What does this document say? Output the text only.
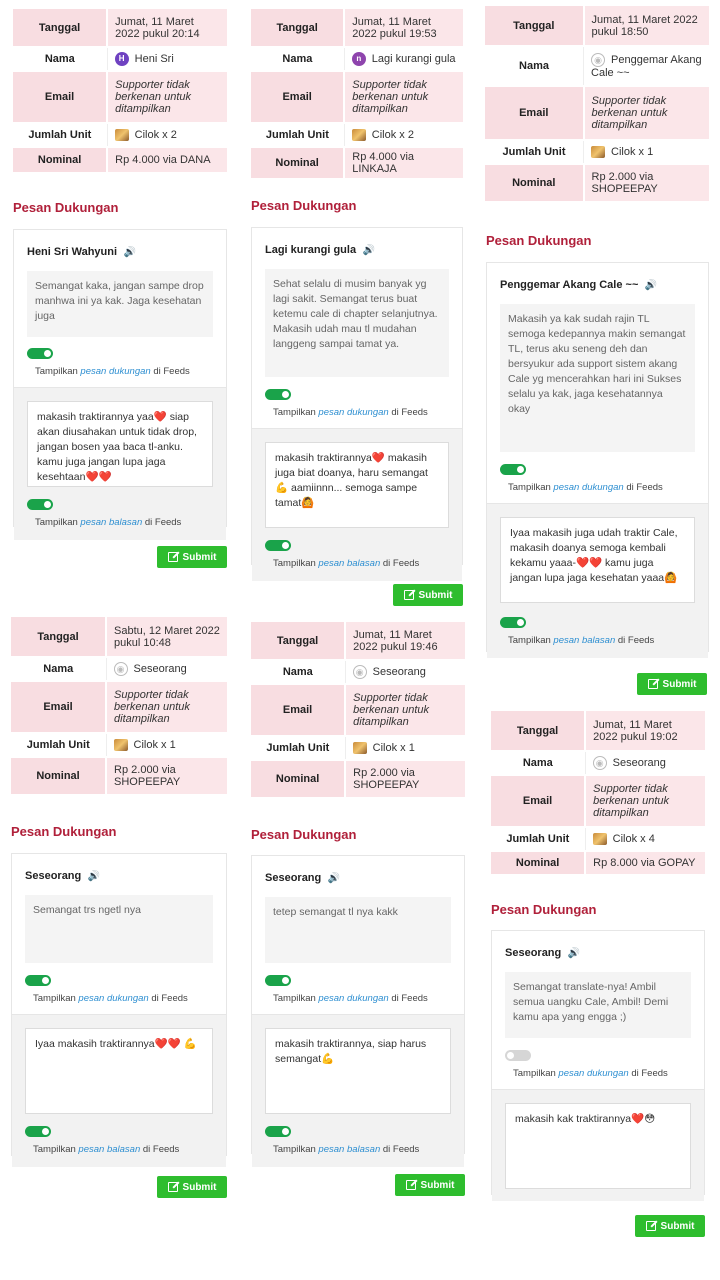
Tanggal	Jumat, 11 Maret 2022 pukul 20:14
Nama	H Heni Sri
Email	Supporter tidak berkenan untuk ditampilkan
Jumlah Unit	Cilok x 2
Nominal	Rp 4.000 via DANA
Pesan Dukungan
Heni Sri Wahyuni 🔊
Semangat kaka, jangan sampe drop manhwa ini ya kak. Jaga kesehatan juga
Tampilkan pesan dukungan di Feeds
makasih traktirannya yaa❤️ siap akan diusahakan untuk tidak drop, jangan bosen yaa baca tl-anku. kamu juga jangan lupa jaga kesehtaan❤️❤️
Tampilkan pesan balasan di Feeds
Submit
Tanggal	Jumat, 11 Maret 2022 pukul 19:53
Nama	n Lagi kurangi gula
Email	Supporter tidak berkenan untuk ditampilkan
Jumlah Unit	Cilok x 2
Nominal	Rp 4.000 via LINKAJA
Pesan Dukungan
Lagi kurangi gula 🔊
Sehat selalu di musim banyak yg lagi sakit. Semangat terus buat ketemu cale di chapter selanjutnya. Makasih udah mau tl mudahan langgeng sampai tamat ya.
Tampilkan pesan dukungan di Feeds
makasih traktirannya❤️ makasih juga biat doanya, haru semangat💪 aamiinnn... semoga sampe tamat🙆
Tampilkan pesan balasan di Feeds
Submit
Tanggal	Jumat, 11 Maret 2022 pukul 18:50
Nama	◉ Penggemar Akang Cale ~~
Email	Supporter tidak berkenan untuk ditampilkan
Jumlah Unit	Cilok x 1
Nominal	Rp 2.000 via SHOPEEPAY
Pesan Dukungan
Penggemar Akang Cale ~~ 🔊
Makasih ya kak sudah rajin TL semoga kedepannya makin semangat TL, terus aku seneng deh dan bersyukur ada support sistem akang Cale yg mencerahkan hari ini Sukses selalu ya kak, jaga kesehatannya okay
Tampilkan pesan dukungan di Feeds
Iyaa makasih juga udah traktir Cale, makasih doanya semoga kembali kekamu yaaa-❤️❤️ kamu juga jangan lupa jaga kesehatan yaaa🙆
Tampilkan pesan balasan di Feeds
Submit
Tanggal	Sabtu, 12 Maret 2022 pukul 10:48
Nama	◉ Seseorang
Email	Supporter tidak berkenan untuk ditampilkan
Jumlah Unit	Cilok x 1
Nominal	Rp 2.000 via SHOPEEPAY
Pesan Dukungan
Seseorang 🔊
Semangat trs ngetl nya
Tampilkan pesan dukungan di Feeds
Iyaa makasih traktirannya❤️❤️ 💪
Tampilkan pesan balasan di Feeds
Submit
Tanggal	Jumat, 11 Maret 2022 pukul 19:46
Nama	◉ Seseorang
Email	Supporter tidak berkenan untuk ditampilkan
Jumlah Unit	Cilok x 1
Nominal	Rp 2.000 via SHOPEEPAY
Pesan Dukungan
Seseorang 🔊
tetep semangat tl nya kakk
Tampilkan pesan dukungan di Feeds
makasih traktirannya, siap harus semangat💪
Tampilkan pesan balasan di Feeds
Submit
Tanggal	Jumat, 11 Maret 2022 pukul 19:02
Nama	◉ Seseorang
Email	Supporter tidak berkenan untuk ditampilkan
Jumlah Unit	Cilok x 4
Nominal	Rp 8.000 via GOPAY
Pesan Dukungan
Seseorang 🔊
Semangat translate-nya! Ambil semua uangku Cale, Ambil! Demi kamu apa yang engga ;)
Tampilkan pesan dukungan di Feeds
makasih kak traktirannya❤️😳
Submit
